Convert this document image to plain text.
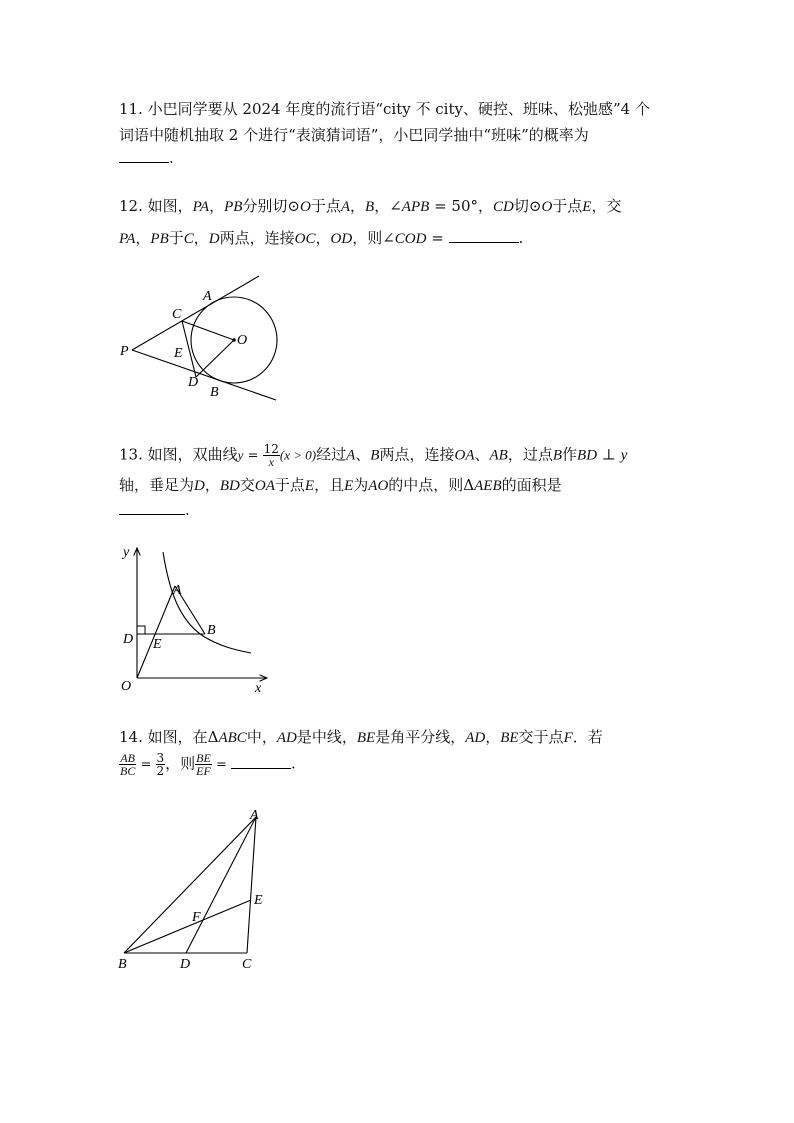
11. 小巴同学要从 2024 年度的流行语“city 不 city、硬控、班味、松弛感”4 个
词语中随机抽取 2 个进行“表演猜词语”，小巴同学抽中“班味”的概率为
.
12. 如图，PA，PB分别切⊙O于点A，B，∠APB = 50°，CD切⊙O于点E，交
PA，PB于C，D两点，连接OC，OD，则∠COD =	.
P
A
C
E
O
D
B
13. 如图，双曲线$y = \frac{12}{x} (x > 0)$经过A、B两点，连接OA、AB，过点B作BD ⊥ y
轴，垂足为D，BD交OA于点E，且E为AO的中点，则ΔAEB的面积是
.
y
x
O
A
B
D E
14. 如图，在ΔABC中，AD是中线，BE是角平分线，AD，BE交于点F．若
$\frac{AB}{BC} = \frac{3}{2}$ ，则 $\frac{BE}{EF}$ =	.
A
B	D	C
E
F
